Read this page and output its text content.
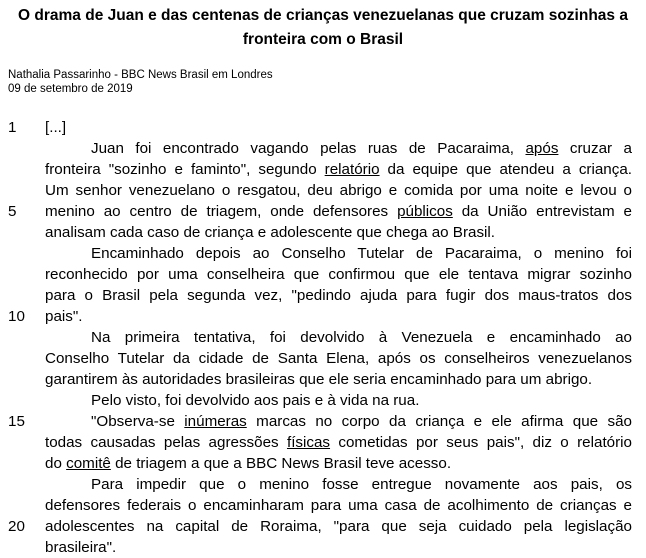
O drama de Juan e das centenas de crianças venezuelanas que cruzam sozinhas a
fronteira com o Brasil
Nathalia Passarinho - BBC News Brasil em Londres
09 de setembro de 2019
1
5
10
15
20
[...]
Juan foi encontrado vagando pelas ruas de Pacaraima, após cruzar a
fronteira "sozinho e faminto", segundo relatório da equipe que atendeu a criança.
Um senhor venezuelano o resgatou, deu abrigo e comida por uma noite e levou o
menino ao centro de triagem, onde defensores públicos da União entrevistam e
analisam cada caso de criança e adolescente que chega ao Brasil.
Encaminhado depois ao Conselho Tutelar de Pacaraima, o menino foi
reconhecido por uma conselheira que confirmou que ele tentava migrar sozinho
para o Brasil pela segunda vez, "pedindo ajuda para fugir dos maus-tratos dos
pais".
Na primeira tentativa, foi devolvido à Venezuela e encaminhado ao
Conselho Tutelar da cidade de Santa Elena, após os conselheiros venezuelanos
garantirem às autoridades brasileiras que ele seria encaminhado para um abrigo.
Pelo visto, foi devolvido aos pais e à vida na rua.
"Observa-se inúmeras marcas no corpo da criança e ele afirma que são
todas causadas pelas agressões físicas cometidas por seus pais", diz o relatório
do comitê de triagem a que a BBC News Brasil teve acesso.
Para impedir que o menino fosse entregue novamente aos pais, os
defensores federais o encaminharam para uma casa de acolhimento de crianças e
adolescentes na capital de Roraima, "para que seja cuidado pela legislação
brasileira".
